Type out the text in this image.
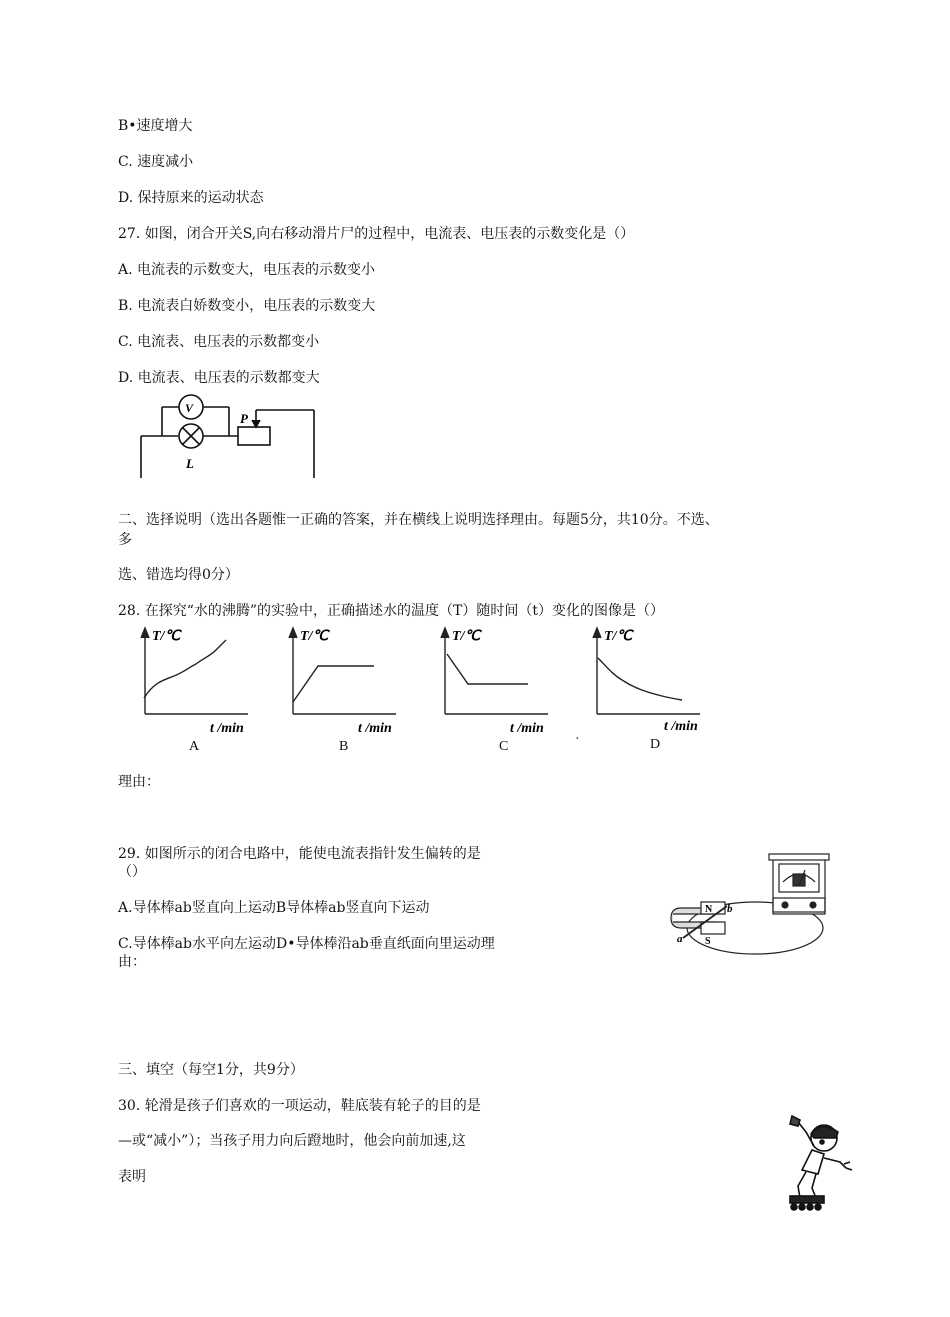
B•速度增大
C. 速度减小
D. 保持原来的运动状态
27. 如图，闭合开关S,向右移动滑片尸的过程中，电流表、电压表的示数变化是（）
A. 电流表的示数变大，电压表的示数变小
B. 电流表白娇数变小，电压表的示数变大
C. 电流表、电压表的示数都变小
D. 电流表、电压表的示数都变大
V
L
P
二、选择说明（选出各题惟一正确的答案，并在横线上说明选择理由。每题5分，共10分。不选、
多
选、错选均得0分）
28. 在探究“水的沸腾”的实验中，正确描述水的温度（T）随时间（t）变化的图像是（）
T/℃
t /min
A
T/℃
t /min
B
T/℃
t /min
C	·
T/℃
t /min
D
理由：
29. 如图所示的闭合电路中，能使电流表指针发生偏转的是
（）
A.导体棒ab竖直向上运动B导体棒ab竖直向下运动
C.导体棒ab水平向左运动D•导体棒沿ab垂直纸面向里运动理
由：
N
S
a
b
三、填空（每空1分，共9分）
30. 轮滑是孩子们喜欢的一项运动，鞋底装有轮子的目的是
—或“减小”）；当孩子用力向后蹬地时，他会向前加速,这
表明
